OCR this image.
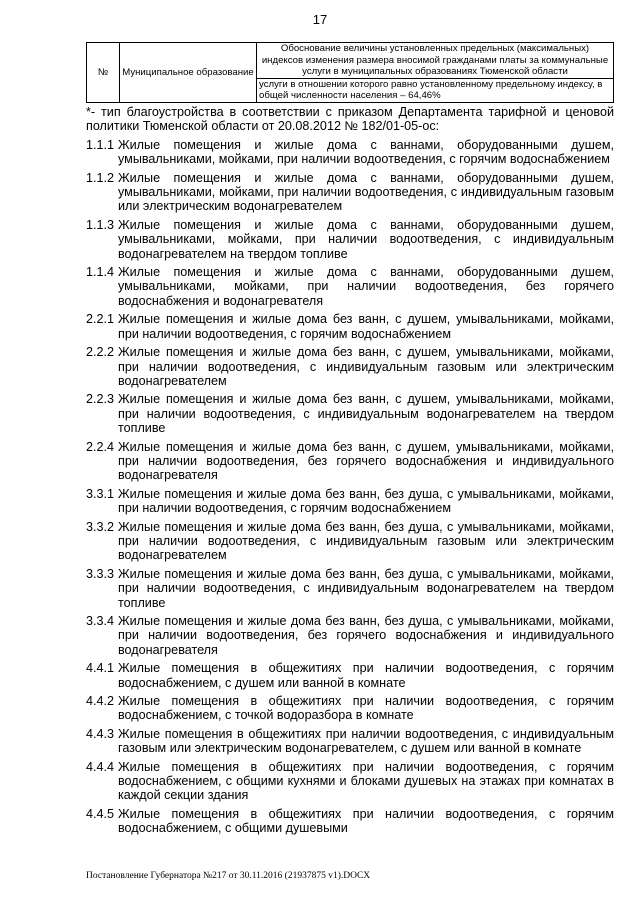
17
№	Муниципальное образование	Обоснование величины установленных предельных (максимальных) индексов изменения размера вносимой гражданами платы за коммунальные услуги в муниципальных образованиях Тюменской области
услуги в отношении которого равно установленному предельному индексу, в общей численности населения – 64,46%
*- тип благоустройства в соответствии с приказом Департамента тарифной и ценовой политики Тюменской области от 20.08.2012 № 182/01-05-ос:
1.1.1 Жилые помещения и жилые дома с ваннами, оборудованными душем, умывальниками, мойками, при наличии водоотведения, с горячим водоснабжением
1.1.2 Жилые помещения и жилые дома с ваннами, оборудованными душем, умывальниками, мойками, при наличии водоотведения, с индивидуальным газовым или электрическим водонагревателем
1.1.3 Жилые помещения и жилые дома с ваннами, оборудованными душем, умывальниками, мойками, при наличии водоотведения, с индивидуальным водонагревателем на твердом топливе
1.1.4 Жилые помещения и жилые дома с ваннами, оборудованными душем, умывальниками, мойками, при наличии водоотведения, без горячего водоснабжения и водонагревателя
2.2.1 Жилые помещения и жилые дома без ванн, с душем, умывальниками, мойками, при наличии водоотведения, с горячим водоснабжением
2.2.2 Жилые помещения и жилые дома без ванн, с душем, умывальниками, мойками, при наличии водоотведения, с индивидуальным газовым или электрическим водонагревателем
2.2.3 Жилые помещения и жилые дома без ванн, с душем, умывальниками, мойками, при наличии водоотведения, с индивидуальным водонагревателем на твердом топливе
2.2.4 Жилые помещения и жилые дома без ванн, с душем, умывальниками, мойками, при наличии водоотведения, без горячего водоснабжения и индивидуального водонагревателя
3.3.1 Жилые помещения и жилые дома без ванн, без душа, с умывальниками, мойками, при наличии водоотведения, с горячим водоснабжением
3.3.2 Жилые помещения и жилые дома без ванн, без душа, с умывальниками, мойками, при наличии водоотведения, с индивидуальным газовым или электрическим водонагревателем
3.3.3 Жилые помещения и жилые дома без ванн, без душа, с умывальниками, мойками, при наличии водоотведения, с индивидуальным водонагревателем на твердом топливе
3.3.4 Жилые помещения и жилые дома без ванн, без душа, с умывальниками, мойками, при наличии водоотведения, без горячего водоснабжения и индивидуального водонагревателя
4.4.1 Жилые помещения в общежитиях при наличии водоотведения, с горячим водоснабжением, с душем или ванной в комнате
4.4.2 Жилые помещения в общежитиях при наличии водоотведения, с горячим водоснабжением, с точкой водоразбора в комнате
4.4.3 Жилые помещения в общежитиях при наличии водоотведения, с индивидуальным газовым или электрическим водонагревателем, с душем или ванной в комнате
4.4.4 Жилые помещения в общежитиях при наличии водоотведения, с горячим водоснабжением, с общими кухнями и блоками душевых на этажах при комнатах в каждой секции здания
4.4.5 Жилые помещения в общежитиях при наличии водоотведения, с горячим водоснабжением, с общими душевыми
Постановление Губернатора №217 от 30.11.2016 (21937875 v1).DOCX
